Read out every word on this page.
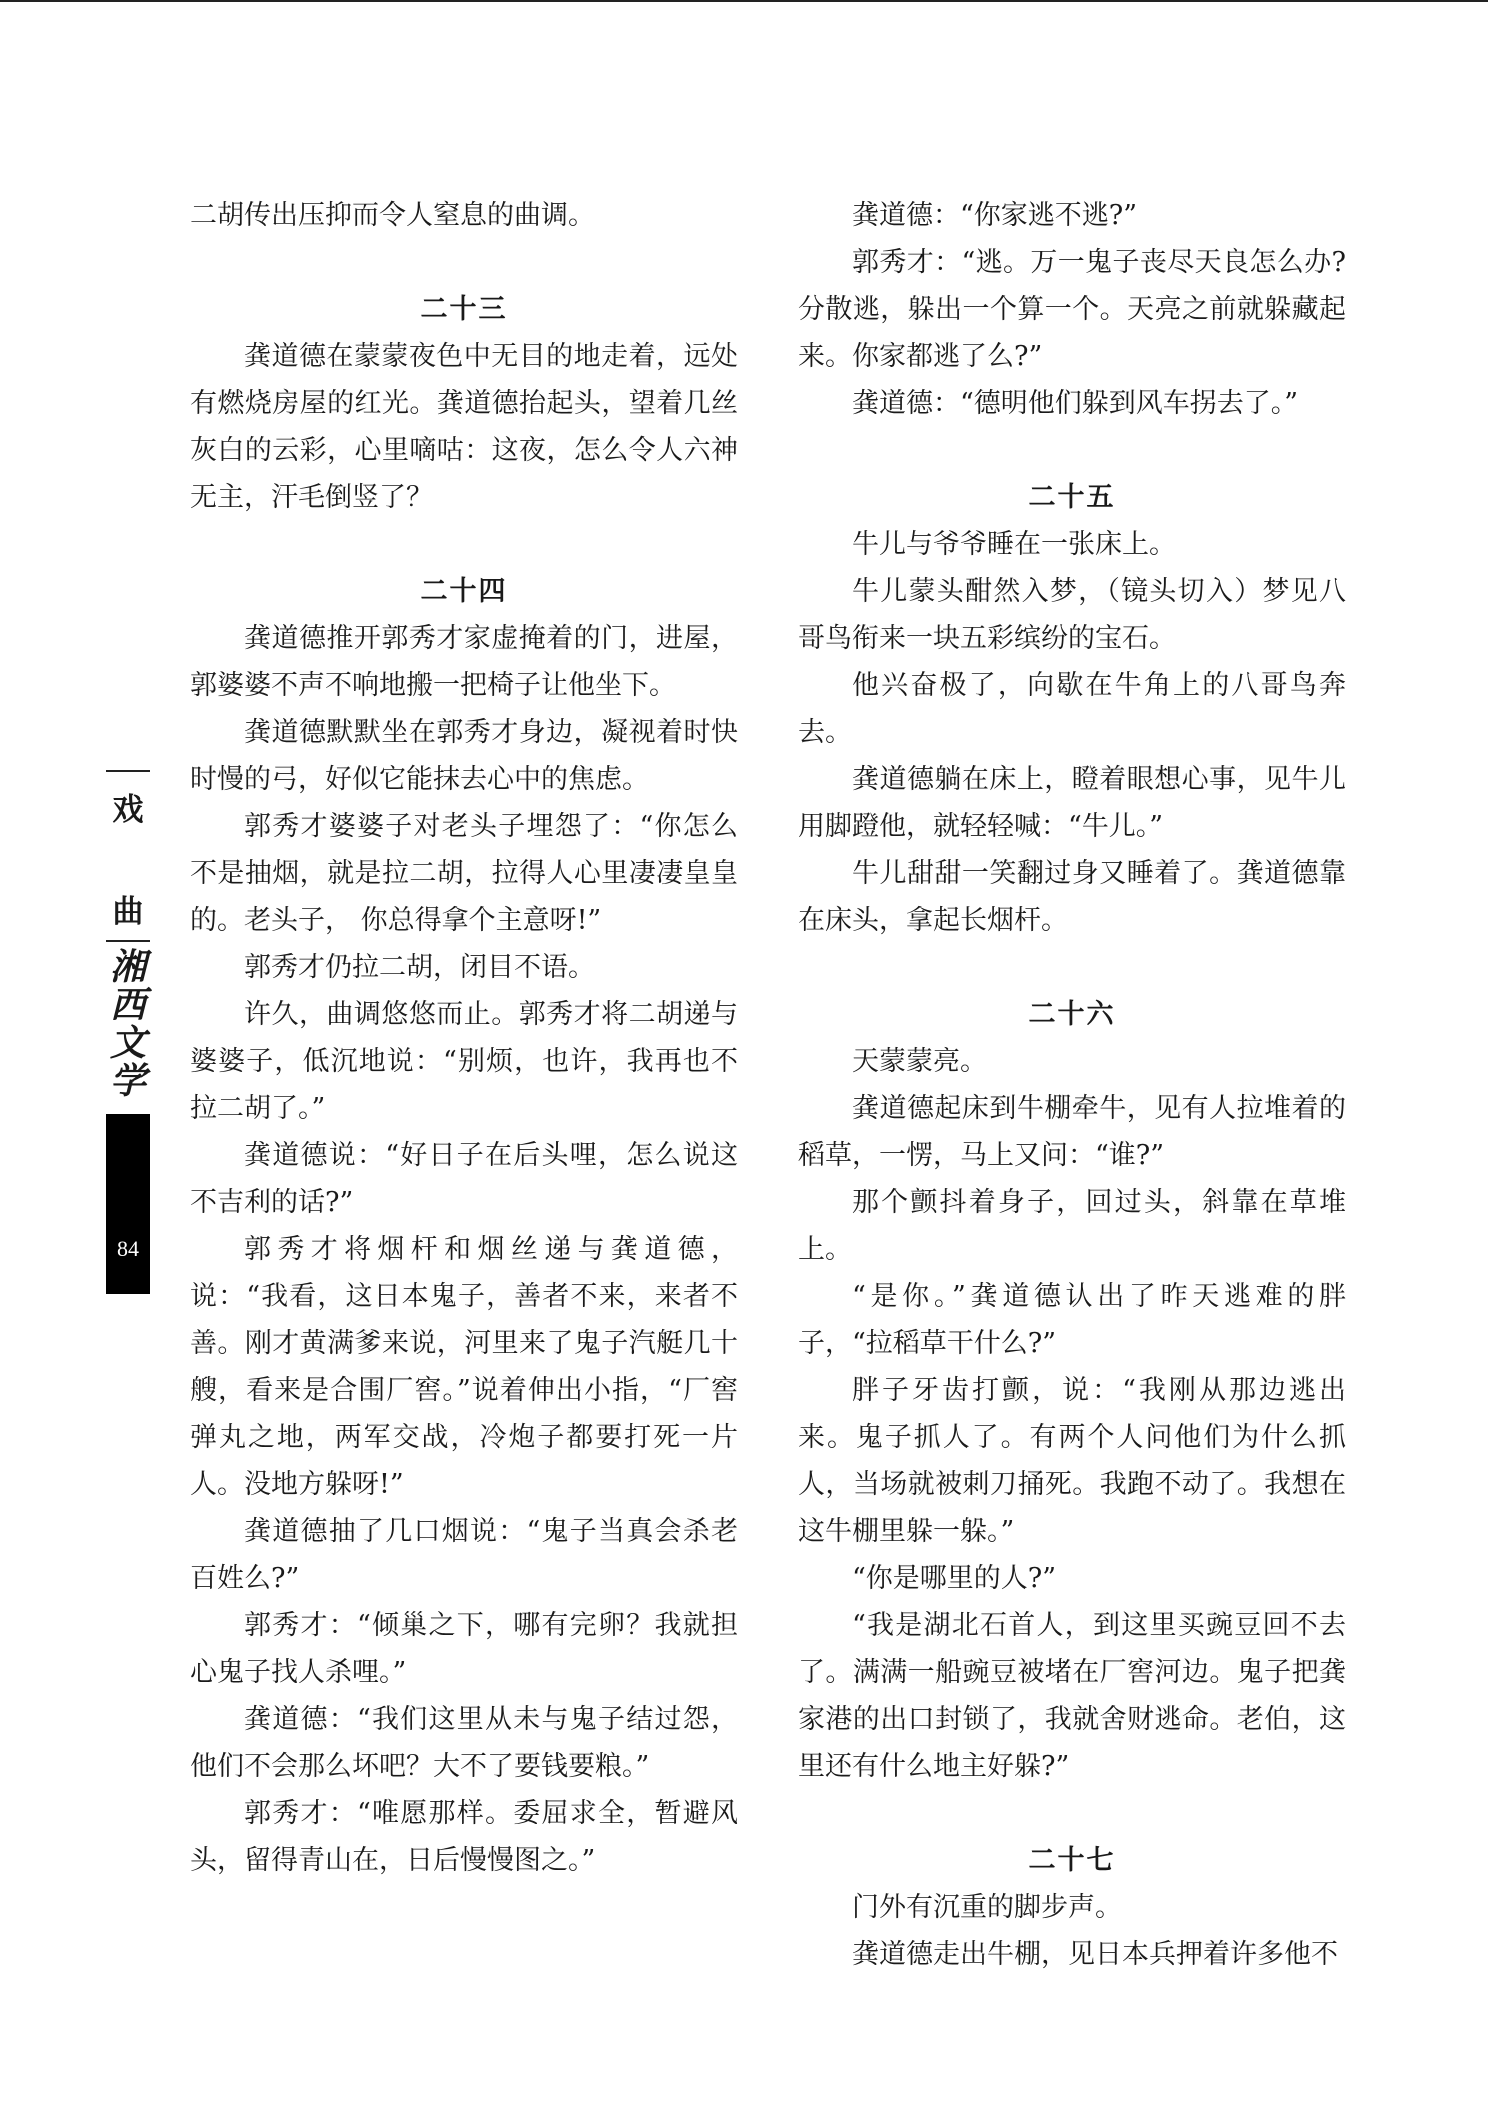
二胡传出压抑而令人窒息的曲调。
二十三
龚道德在蒙蒙夜色中无目的地走着，远处有燃烧房屋的红光。龚道德抬起头，望着几丝灰白的云彩，心里嘀咕：这夜，怎么令人六神无主，汗毛倒竖了？
二十四
龚道德推开郭秀才家虚掩着的门，进屋，郭婆婆不声不响地搬一把椅子让他坐下。
龚道德默默坐在郭秀才身边，凝视着时快时慢的弓，好似它能抹去心中的焦虑。
郭秀才婆婆子对老头子埋怨了：“你怎么不是抽烟，就是拉二胡，拉得人心里凄凄皇皇的。老头子， 你总得拿个主意呀!”
郭秀才仍拉二胡，闭目不语。
许久，曲调悠悠而止。郭秀才将二胡递与婆婆子，低沉地说：“别烦，也许，我再也不拉二胡了。”
龚道德说：“好日子在后头哩，怎么说这不吉利的话?”
郭秀才将烟杆和烟丝递与龚道德，说：“我看，这日本鬼子，善者不来，来者不善。刚才黄满爹来说，河里来了鬼子汽艇几十艘，看来是合围厂窖。”说着伸出小指，“厂窖弹丸之地，两军交战，冷炮子都要打死一片人。没地方躲呀!”
龚道德抽了几口烟说：“鬼子当真会杀老百姓么?”
郭秀才：“倾巢之下，哪有完卵？我就担心鬼子找人杀哩。”
龚道德：“我们这里从未与鬼子结过怨，他们不会那么坏吧？大不了要钱要粮。”
郭秀才：“唯愿那样。委屈求全，暂避风头，留得青山在，日后慢慢图之。”
龚道德：“你家逃不逃?”
郭秀才：“逃。万一鬼子丧尽天良怎么办?分散逃，躲出一个算一个。天亮之前就躲藏起来。你家都逃了么?”
龚道德：“德明他们躲到风车拐去了。”
二十五
牛儿与爷爷睡在一张床上。
牛儿蒙头酣然入梦，（镜头切入）梦见八哥鸟衔来一块五彩缤纷的宝石。
他兴奋极了，向歇在牛角上的八哥鸟奔去。
龚道德躺在床上，瞪着眼想心事，见牛儿用脚蹬他，就轻轻喊：“牛儿。”
牛儿甜甜一笑翻过身又睡着了。龚道德靠在床头，拿起长烟杆。
二十六
天蒙蒙亮。
龚道德起床到牛棚牵牛，见有人拉堆着的稻草，一愣，马上又问：“谁?”
那个颤抖着身子，回过头，斜靠在草堆上。
“是你。”龚道德认出了昨天逃难的胖子，“拉稻草干什么?”
胖子牙齿打颤，说：“我刚从那边逃出来。鬼子抓人了。有两个人问他们为什么抓人，当场就被刺刀捅死。我跑不动了。我想在这牛棚里躲一躲。”
“你是哪里的人?”
“我是湖北石首人，到这里买豌豆回不去了。满满一船豌豆被堵在厂窖河边。鬼子把龚家港的出口封锁了，我就舍财逃命。老伯，这里还有什么地主好躲?”
二十七
门外有沉重的脚步声。
龚道德走出牛棚，见日本兵押着许多他不
戏
曲
湘
西
文
学
84
